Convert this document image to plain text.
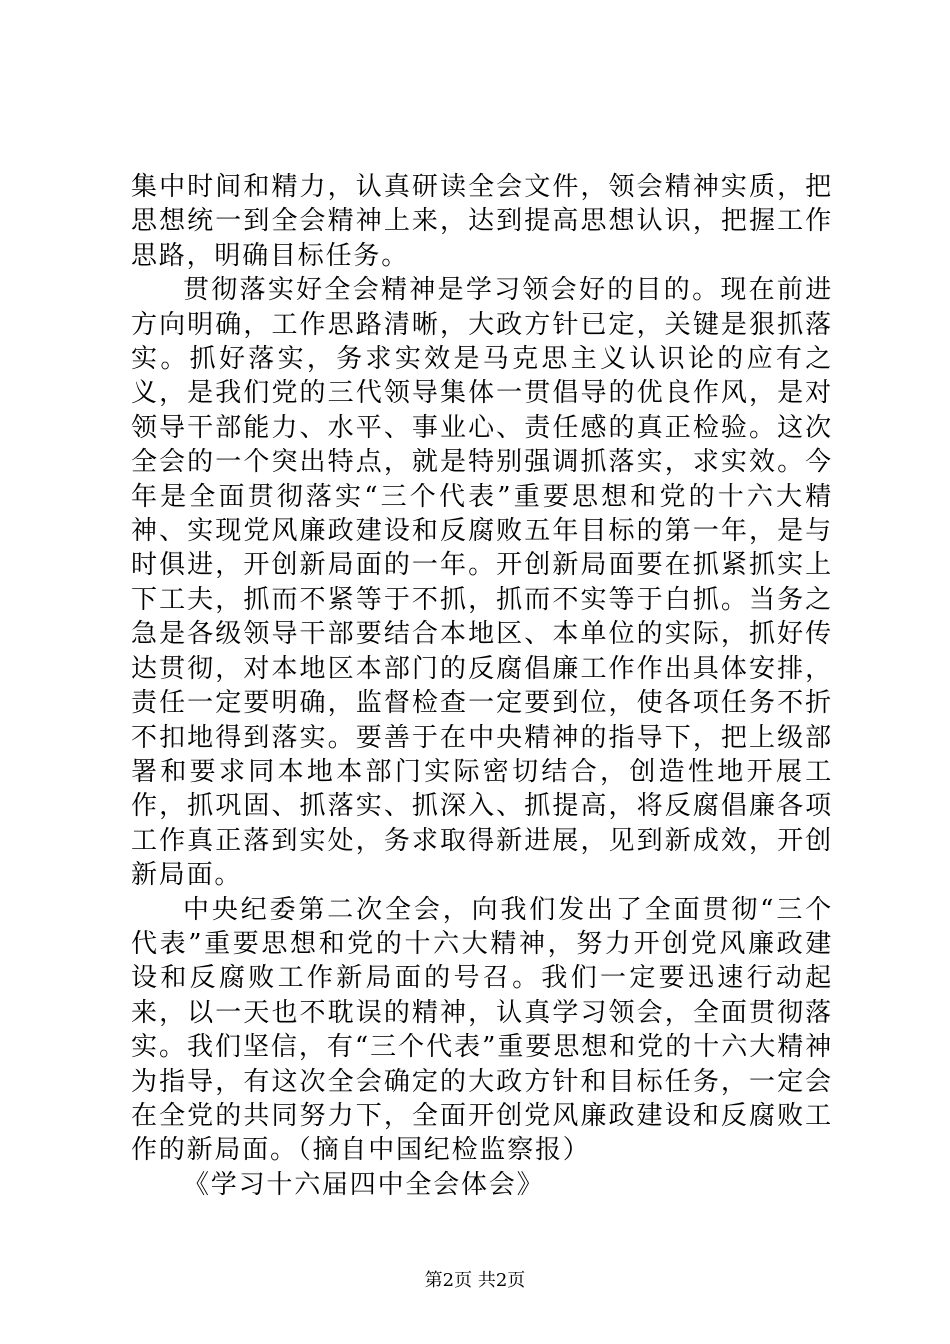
集中时间和精力，认真研读全会文件，领会精神实质，把思想统一到全会精神上来，达到提高思想认识，把握工作思路，明确目标任务。

贯彻落实好全会精神是学习领会好的目的。现在前进方向明确，工作思路清晰，大政方针已定，关键是狠抓落实。抓好落实，务求实效是马克思主义认识论的应有之义，是我们党的三代领导集体一贯倡导的优良作风，是对领导干部能力、水平、事业心、责任感的真正检验。这次全会的一个突出特点，就是特别强调抓落实，求实效。今年是全面贯彻落实“三个代表”重要思想和党的十六大精神、实现党风廉政建设和反腐败五年目标的第一年，是与时俱进，开创新局面的一年。开创新局面要在抓紧抓实上下工夫，抓而不紧等于不抓，抓而不实等于白抓。当务之急是各级领导干部要结合本地区、本单位的实际，抓好传达贯彻，对本地区本部门的反腐倡廉工作作出具体安排，责任一定要明确，监督检查一定要到位，使各项任务不折不扣地得到落实。要善于在中央精神的指导下，把上级部署和要求同本地本部门实际密切结合，创造性地开展工作，抓巩固、抓落实、抓深入、抓提高，将反腐倡廉各项工作真正落到实处，务求取得新进展，见到新成效，开创新局面。

中央纪委第二次全会，向我们发出了全面贯彻“三个代表”重要思想和党的十六大精神，努力开创党风廉政建设和反腐败工作新局面的号召。我们一定要迅速行动起来，以一天也不耽误的精神，认真学习领会，全面贯彻落实。我们坚信，有“三个代表”重要思想和党的十六大精神为指导，有这次全会确定的大政方针和目标任务，一定会在全党的共同努力下，全面开创党风廉政建设和反腐败工作的新局面。（摘自中国纪检监察报）

《学习十六届四中全会体会》

第2页 共2页
